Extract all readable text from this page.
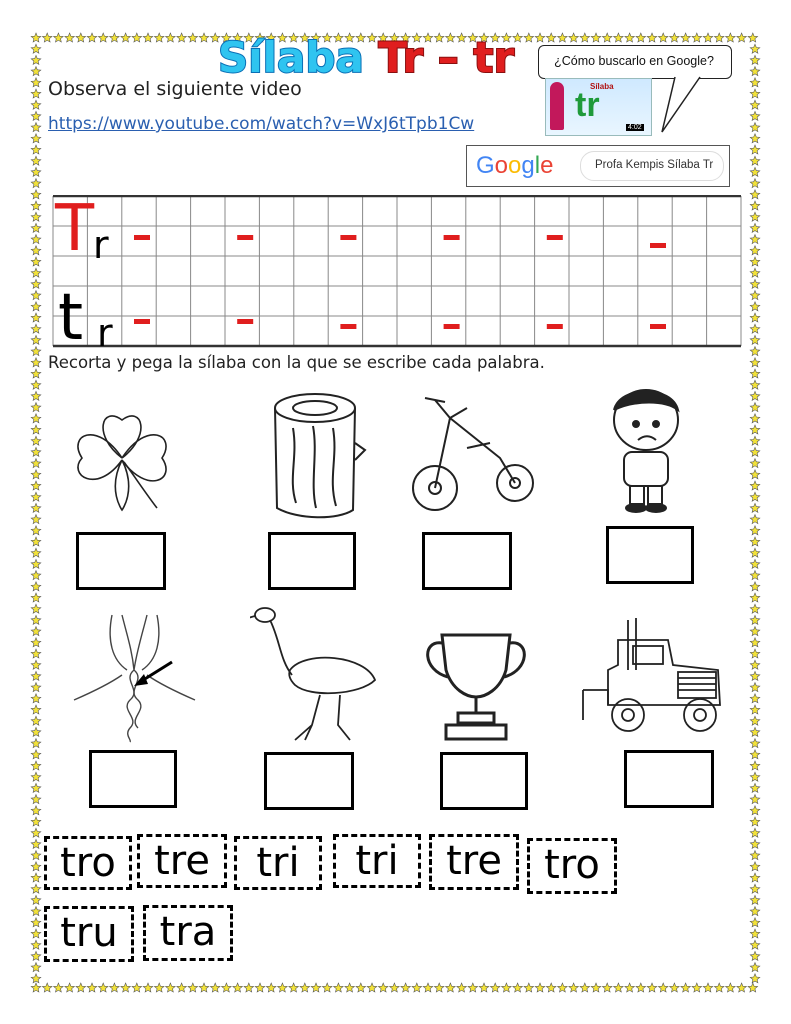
Sílaba Tr – tr
Observa el siguiente video
https://www.youtube.com/watch?v=WxJ6tTpb1Cw
¿Cómo buscarlo en Google?
Sílaba
tr
4:02
Google	Profa Kempis Sílaba Tr
T
r
t r
Recorta y pega la sílaba con la que se escribe cada palabra.
tro tre	tri	tri	tre	tro
tru	tra
